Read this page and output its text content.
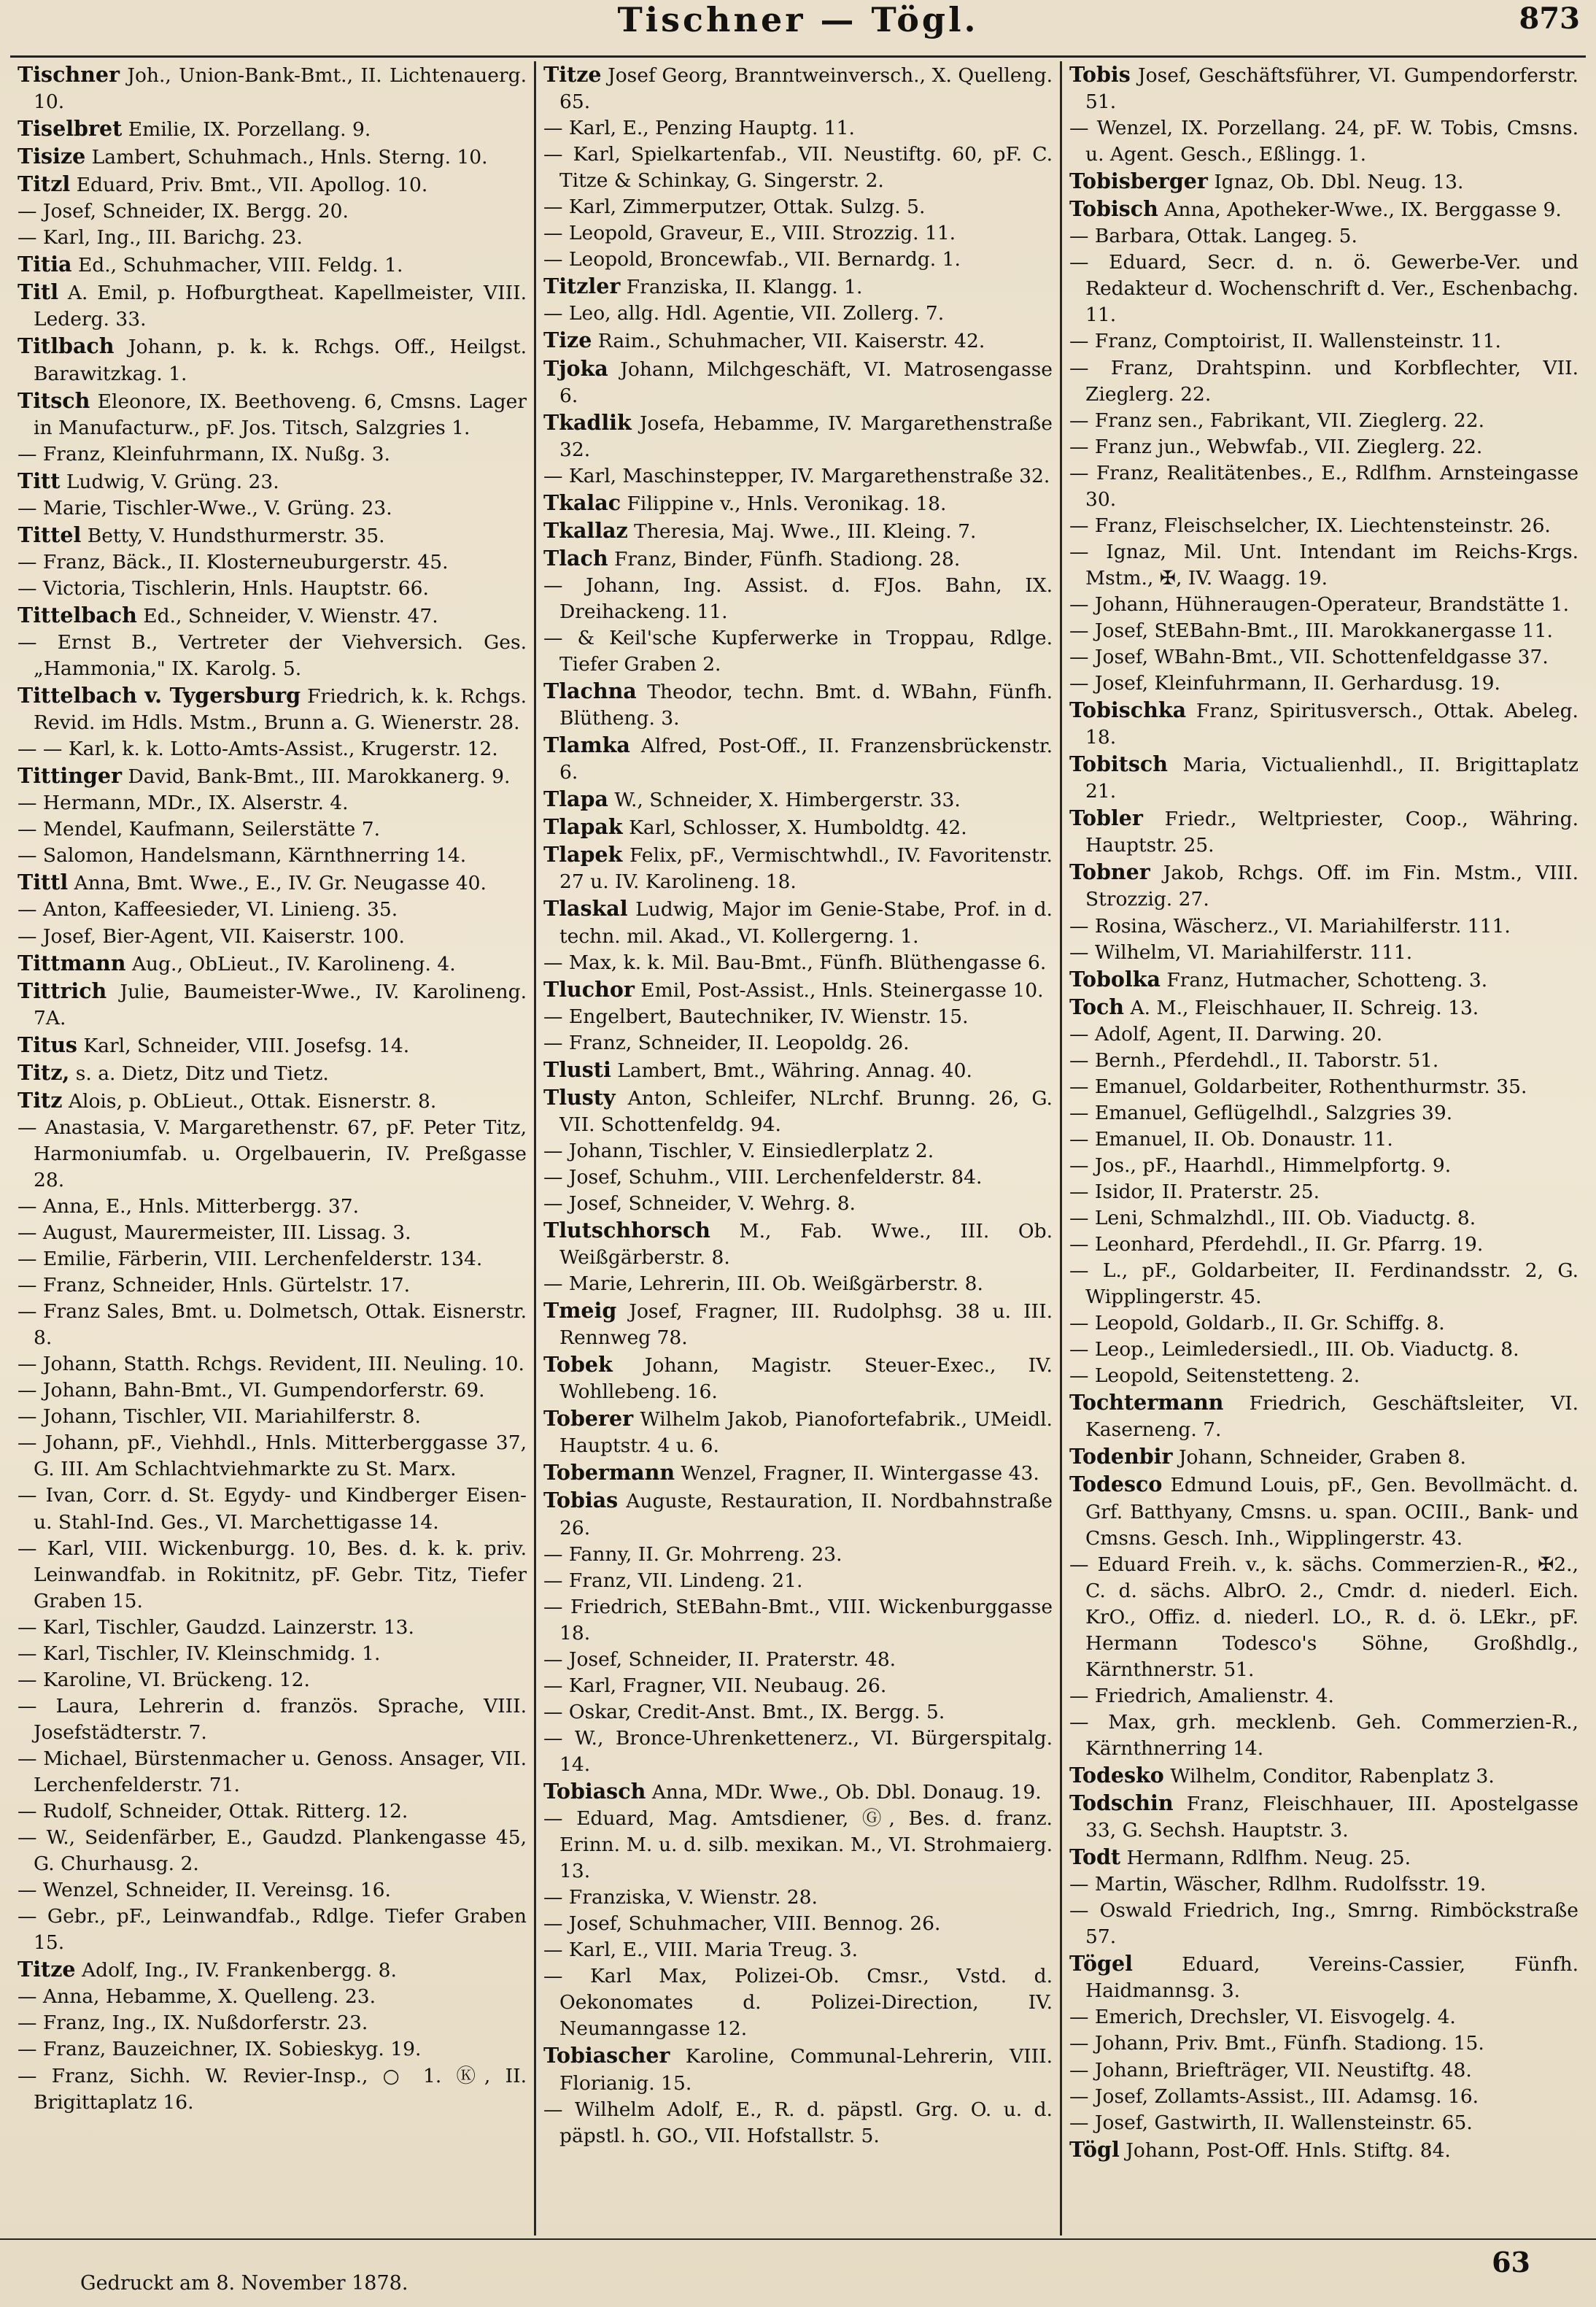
Tischner — Tögl.	873

Tischner Joh., Union-Bank-Bmt., II. Lichtenauerg. 10.

Tiselbret Emilie, IX. Porzellang. 9.

Tisize Lambert, Schuhmach., Hnls. Sterng. 10.

Titzl Eduard, Priv. Bmt., VII. Apollog. 10.

— Josef, Schneider, IX. Bergg. 20.

— Karl, Ing., III. Barichg. 23.

Titia Ed., Schuhmacher, VIII. Feldg. 1.

Titl A. Emil, p. Hofburgtheat. Kapellmeister, VIII. Lederg. 33.

Titlbach Johann, p. k. k. Rchgs. Off., Heilgst. Barawitzkag. 1.

Titsch Eleonore, IX. Beethoveng. 6, Cmsns. Lager in Manufacturw., pF. Jos. Titsch, Salzgries 1.

— Franz, Kleinfuhrmann, IX. Nußg. 3.

Titt Ludwig, V. Grüng. 23.

— Marie, Tischler-Wwe., V. Grüng. 23.

Tittel Betty, V. Hundsthurmerstr. 35.

— Franz, Bäck., II. Klosterneuburgerstr. 45.

— Victoria, Tischlerin, Hnls. Hauptstr. 66.

Tittelbach Ed., Schneider, V. Wienstr. 47.

— Ernst B., Vertreter der Viehversich. Ges. „Hammonia," IX. Karolg. 5.

Tittelbach v. Tygersburg Friedrich, k. k. Rchgs. Revid. im Hdls. Mstm., Brunn a. G. Wienerstr. 28.

— — Karl, k. k. Lotto-Amts-Assist., Krugerstr. 12.

Tittinger David, Bank-Bmt., III. Marokkanerg. 9.

— Hermann, MDr., IX. Alserstr. 4.

— Mendel, Kaufmann, Seilerstätte 7.

— Salomon, Handelsmann, Kärnthnerring 14.

Tittl Anna, Bmt. Wwe., E., IV. Gr. Neugasse 40.

— Anton, Kaffeesieder, VI. Linieng. 35.

— Josef, Bier-Agent, VII. Kaiserstr. 100.

Tittmann Aug., ObLieut., IV. Karolineng. 4.

Tittrich Julie, Baumeister-Wwe., IV. Karolineng. 7A.

Titus Karl, Schneider, VIII. Josefsg. 14.

Titz, s. a. Dietz, Ditz und Tietz.

Titz Alois, p. ObLieut., Ottak. Eisnerstr. 8.

— Anastasia, V. Margarethenstr. 67, pF. Peter Titz, Harmoniumfab. u. Orgelbauerin, IV. Preßgasse 28.

— Anna, E., Hnls. Mitterbergg. 37.

— August, Maurermeister, III. Lissag. 3.

— Emilie, Färberin, VIII. Lerchenfelderstr. 134.

— Franz, Schneider, Hnls. Gürtelstr. 17.

— Franz Sales, Bmt. u. Dolmetsch, Ottak. Eisnerstr. 8.

— Johann, Statth. Rchgs. Revident, III. Neuling. 10.

— Johann, Bahn-Bmt., VI. Gumpendorferstr. 69.

— Johann, Tischler, VII. Mariahilferstr. 8.

— Johann, pF., Viehhdl., Hnls. Mitterberggasse 37, G. III. Am Schlachtviehmarkte zu St. Marx.

— Ivan, Corr. d. St. Egydy- und Kindberger Eisen- u. Stahl-Ind. Ges., VI. Marchettigasse 14.

— Karl, VIII. Wickenburgg. 10, Bes. d. k. k. priv. Leinwandfab. in Rokitnitz, pF. Gebr. Titz, Tiefer Graben 15.

— Karl, Tischler, Gaudzd. Lainzerstr. 13.

— Karl, Tischler, IV. Kleinschmidg. 1.

— Karoline, VI. Brückeng. 12.

— Laura, Lehrerin d. französ. Sprache, VIII. Josefstädterstr. 7.

— Michael, Bürstenmacher u. Genoss. Ansager, VII. Lerchenfelderstr. 71.

— Rudolf, Schneider, Ottak. Ritterg. 12.

— W., Seidenfärber, E., Gaudzd. Plankengasse 45, G. Churhausg. 2.

— Wenzel, Schneider, II. Vereinsg. 16.

— Gebr., pF., Leinwandfab., Rdlge. Tiefer Graben 15.

Titze Adolf, Ing., IV. Frankenbergg. 8.

— Anna, Hebamme, X. Quelleng. 23.

— Franz, Ing., IX. Nußdorferstr. 23.

— Franz, Bauzeichner, IX. Sobieskyg. 19.

— Franz, Sichh. W. Revier-Insp., ○ 1. Ⓚ, II. Brigittaplatz 16.

Titze Josef Georg, Branntweinversch., X. Quelleng. 65.

— Karl, E., Penzing Hauptg. 11.

— Karl, Spielkartenfab., VII. Neustiftg. 60, pF. C. Titze & Schinkay, G. Singerstr. 2.

— Karl, Zimmerputzer, Ottak. Sulzg. 5.

— Leopold, Graveur, E., VIII. Strozzig. 11.

— Leopold, Broncewfab., VII. Bernardg. 1.

Titzler Franziska, II. Klangg. 1.

— Leo, allg. Hdl. Agentie, VII. Zollerg. 7.

Tize Raim., Schuhmacher, VII. Kaiserstr. 42.

Tjoka Johann, Milchgeschäft, VI. Matrosengasse 6.

Tkadlik Josefa, Hebamme, IV. Margarethenstraße 32.

— Karl, Maschinstepper, IV. Margarethenstraße 32.

Tkalac Filippine v., Hnls. Veronikag. 18.

Tkallaz Theresia, Maj. Wwe., III. Kleing. 7.

Tlach Franz, Binder, Fünfh. Stadiong. 28.

— Johann, Ing. Assist. d. FJos. Bahn, IX. Dreihackeng. 11.

— & Keil'sche Kupferwerke in Troppau, Rdlge. Tiefer Graben 2.

Tlachna Theodor, techn. Bmt. d. WBahn, Fünfh. Blütheng. 3.

Tlamka Alfred, Post-Off., II. Franzensbrückenstr. 6.

Tlapa W., Schneider, X. Himbergerstr. 33.

Tlapak Karl, Schlosser, X. Humboldtg. 42.

Tlapek Felix, pF., Vermischtwhdl., IV. Favoritenstr. 27 u. IV. Karolineng. 18.

Tlaskal Ludwig, Major im Genie-Stabe, Prof. in d. techn. mil. Akad., VI. Kollergerng. 1.

— Max, k. k. Mil. Bau-Bmt., Fünfh. Blüthengasse 6.

Tluchor Emil, Post-Assist., Hnls. Steinergasse 10.

— Engelbert, Bautechniker, IV. Wienstr. 15.

— Franz, Schneider, II. Leopoldg. 26.

Tlusti Lambert, Bmt., Währing. Annag. 40.

Tlusty Anton, Schleifer, NLrchf. Brunng. 26, G. VII. Schottenfeldg. 94.

— Johann, Tischler, V. Einsiedlerplatz 2.

— Josef, Schuhm., VIII. Lerchenfelderstr. 84.

— Josef, Schneider, V. Wehrg. 8.

Tlutschhorsch M., Fab. Wwe., III. Ob. Weißgärberstr. 8.

— Marie, Lehrerin, III. Ob. Weißgärberstr. 8.

Tmeig Josef, Fragner, III. Rudolphsg. 38 u. III. Rennweg 78.

Tobek Johann, Magistr. Steuer-Exec., IV. Wohllebeng. 16.

Toberer Wilhelm Jakob, Pianofortefabrik., UMeidl. Hauptstr. 4 u. 6.

Tobermann Wenzel, Fragner, II. Wintergasse 43.

Tobias Auguste, Restauration, II. Nordbahnstraße 26.

— Fanny, II. Gr. Mohrreng. 23.

— Franz, VII. Lindeng. 21.

— Friedrich, StEBahn-Bmt., VIII. Wickenburggasse 18.

— Josef, Schneider, II. Praterstr. 48.

— Karl, Fragner, VII. Neubaug. 26.

— Oskar, Credit-Anst. Bmt., IX. Bergg. 5.

— W., Bronce-Uhrenkettenerz., VI. Bürgerspitalg. 14.

Tobiasch Anna, MDr. Wwe., Ob. Dbl. Donaug. 19.

— Eduard, Mag. Amtsdiener, Ⓖ, Bes. d. franz. Erinn. M. u. d. silb. mexikan. M., VI. Strohmaierg. 13.

— Franziska, V. Wienstr. 28.

— Josef, Schuhmacher, VIII. Bennog. 26.

— Karl, E., VIII. Maria Treug. 3.

— Karl Max, Polizei-Ob. Cmsr., Vstd. d. Oekonomates d. Polizei-Direction, IV. Neumanngasse 12.

Tobiascher Karoline, Communal-Lehrerin, VIII. Florianig. 15.

— Wilhelm Adolf, E., R. d. päpstl. Grg. O. u. d. päpstl. h. GO., VII. Hofstallstr. 5.

Tobis Josef, Geschäftsführer, VI. Gumpendorferstr. 51.

— Wenzel, IX. Porzellang. 24, pF. W. Tobis, Cmsns. u. Agent. Gesch., Eßlingg. 1.

Tobisberger Ignaz, Ob. Dbl. Neug. 13.

Tobisch Anna, Apotheker-Wwe., IX. Berggasse 9.

— Barbara, Ottak. Langeg. 5.

— Eduard, Secr. d. n. ö. Gewerbe-Ver. und Redakteur d. Wochenschrift d. Ver., Eschenbachg. 11.

— Franz, Comptoirist, II. Wallensteinstr. 11.

— Franz, Drahtspinn. und Korbflechter, VII. Zieglerg. 22.

— Franz sen., Fabrikant, VII. Zieglerg. 22.

— Franz jun., Webwfab., VII. Zieglerg. 22.

— Franz, Realitätenbes., E., Rdlfhm. Arnsteingasse 30.

— Franz, Fleischselcher, IX. Liechtensteinstr. 26.

— Ignaz, Mil. Unt. Intendant im Reichs-Krgs. Mstm., ✠, IV. Waagg. 19.

— Johann, Hühneraugen-Operateur, Brandstätte 1.

— Josef, StEBahn-Bmt., III. Marokkanergasse 11.

— Josef, WBahn-Bmt., VII. Schottenfeldgasse 37.

— Josef, Kleinfuhrmann, II. Gerhardusg. 19.

Tobischka Franz, Spiritusversch., Ottak. Abeleg. 18.

Tobitsch Maria, Victualienhdl., II. Brigittaplatz 21.

Tobler Friedr., Weltpriester, Coop., Währing. Hauptstr. 25.

Tobner Jakob, Rchgs. Off. im Fin. Mstm., VIII. Strozzig. 27.

— Rosina, Wäscherz., VI. Mariahilferstr. 111.

— Wilhelm, VI. Mariahilferstr. 111.

Tobolka Franz, Hutmacher, Schotteng. 3.

Toch A. M., Fleischhauer, II. Schreig. 13.

— Adolf, Agent, II. Darwing. 20.

— Bernh., Pferdehdl., II. Taborstr. 51.

— Emanuel, Goldarbeiter, Rothenthurmstr. 35.

— Emanuel, Geflügelhdl., Salzgries 39.

— Emanuel, II. Ob. Donaustr. 11.

— Jos., pF., Haarhdl., Himmelpfortg. 9.

— Isidor, II. Praterstr. 25.

— Leni, Schmalzhdl., III. Ob. Viaductg. 8.

— Leonhard, Pferdehdl., II. Gr. Pfarrg. 19.

— L., pF., Goldarbeiter, II. Ferdinandsstr. 2, G. Wipplingerstr. 45.

— Leopold, Goldarb., II. Gr. Schiffg. 8.

— Leop., Leimledersiedl., III. Ob. Viaductg. 8.

— Leopold, Seitenstetteng. 2.

Tochtermann Friedrich, Geschäftsleiter, VI. Kaserneng. 7.

Todenbir Johann, Schneider, Graben 8.

Todesco Edmund Louis, pF., Gen. Bevollmächt. d. Grf. Batthyany, Cmsns. u. span. OCIII., Bank- und Cmsns. Gesch. Inh., Wipplingerstr. 43.

— Eduard Freih. v., k. sächs. Commerzien-R., ✠2., C. d. sächs. AlbrO. 2., Cmdr. d. niederl. Eich. KrO., Offiz. d. niederl. LO., R. d. ö. LEkr., pF. Hermann Todesco's Söhne, Großhdlg., Kärnthnerstr. 51.

— Friedrich, Amalienstr. 4.

— Max, grh. mecklenb. Geh. Commerzien-R., Kärnthnerring 14.

Todesko Wilhelm, Conditor, Rabenplatz 3.

Todschin Franz, Fleischhauer, III. Apostelgasse 33, G. Sechsh. Hauptstr. 3.

Todt Hermann, Rdlfhm. Neug. 25.

— Martin, Wäscher, Rdlhm. Rudolfsstr. 19.

— Oswald Friedrich, Ing., Smrng. Rimböckstraße 57.

Tögel	Eduard, Vereins-Cassier, Fünfh. Haidmannsg. 3.

— Emerich, Drechsler, VI. Eisvogelg. 4.

— Johann, Priv. Bmt., Fünfh. Stadiong. 15.

— Johann, Briefträger, VII. Neustiftg. 48.

— Josef, Zollamts-Assist., III. Adamsg. 16.

— Josef, Gastwirth, II. Wallensteinstr. 65.

Tögl Johann, Post-Off. Hnls. Stiftg. 84.

Gedruckt am 8. November 1878.
63
